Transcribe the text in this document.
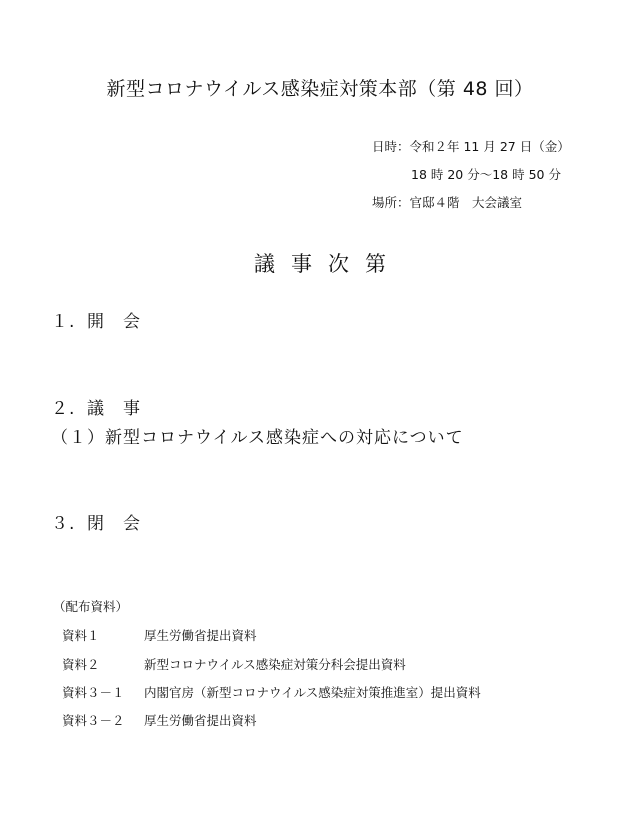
新型コロナウイルス感染症対策本部（第 48 回）
日時：令和２年 11 月 27 日（金）
18 時 20 分～18 時 50 分
場所：官邸４階　大会議室
議事次第
１. 開　会
２. 議　事
（１）新型コロナウイルス感染症への対応について
３. 閉　会
（配布資料）
資料１	厚生労働省提出資料
資料２	新型コロナウイルス感染症対策分科会提出資料
資料３－１ 内閣官房（新型コロナウイルス感染症対策推進室）提出資料
資料３－２ 厚生労働省提出資料
